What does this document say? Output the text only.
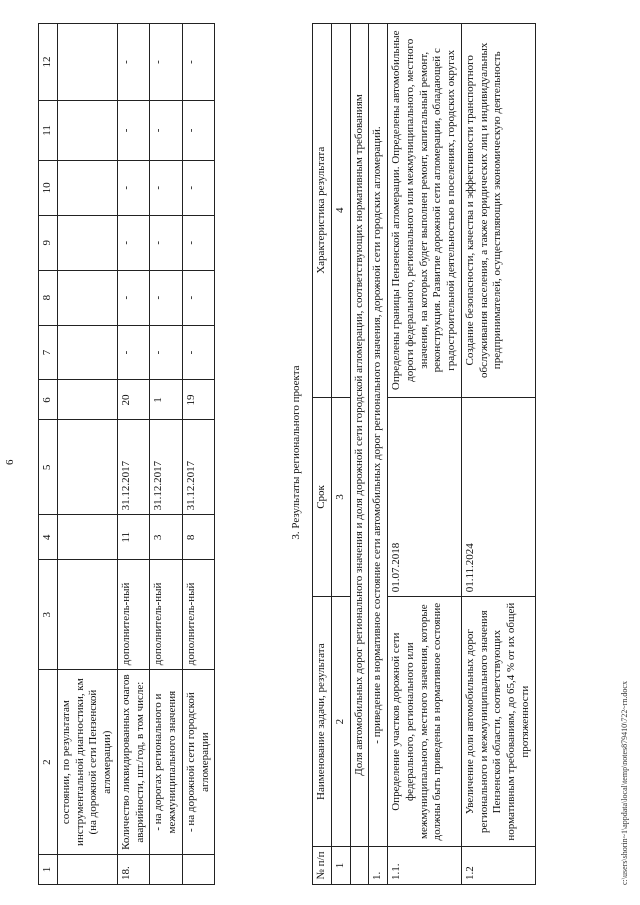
6
1	2	3	4	5	6	7	8	9	10	11	12
	состоянии, по результатам инструментальной диагностики, км (на дорожной сети Пензенской агломерации)										
18.	Количество ликвидированных очагов аварийности, шт./год, в том числе:	дополнитель-ный	11	31.12.2017	20	-	-	-	-	-	-
	- на дорогах регионального и межмуниципального значения	дополнитель-ный	3	31.12.2017	1	-	-	-	-	-	-
	- на дорожной сети городской агломерации	дополнитель-ный	8	31.12.2017	19	-	-	-	-	-	-
3. Результаты регионального проекта
№ п/п	Наименование задачи, результата	Срок	Характеристика результата
1	2	3	4
	Доля автомобильных дорог регионального значения и доля дорожной сети городской агломерации, соответствующих нормативным требованиям		
1.	- приведение в нормативное состояние сети автомобильных дорог регионального значения, дорожной сети городских агломераций.		
1.1.	Определение участков дорожной сети федерального, регионального или межмуниципального, местного значения, которые должны быть приведены в нормативное состояние	01.07.2018	Определены границы Пензенской агломерации. Определены автомобильные дороги федерального, регионального или межмуниципального, местного значения, на которых будет выполнен ремонт, капитальный ремонт, реконструкция. Развитие дорожной сети агломерации, обладающей с градостроительной деятельностью в поселениях, городских округах
1.2	Увеличение доли автомобильных дорог регионального и межмуниципального значения Пензенской области, соответствующих нормативным требованиям, до 65,4 % от их общей протяженности	01.11.2024	Создание безопасности, качества и эффективности транспортного обслуживания населения, а также юридических лиц и индивидуальных предпринимателей, осуществляющих экономическую деятельность
c:\users\shorin~1\appdata\local\temp\notes879410\722~rn.docx
